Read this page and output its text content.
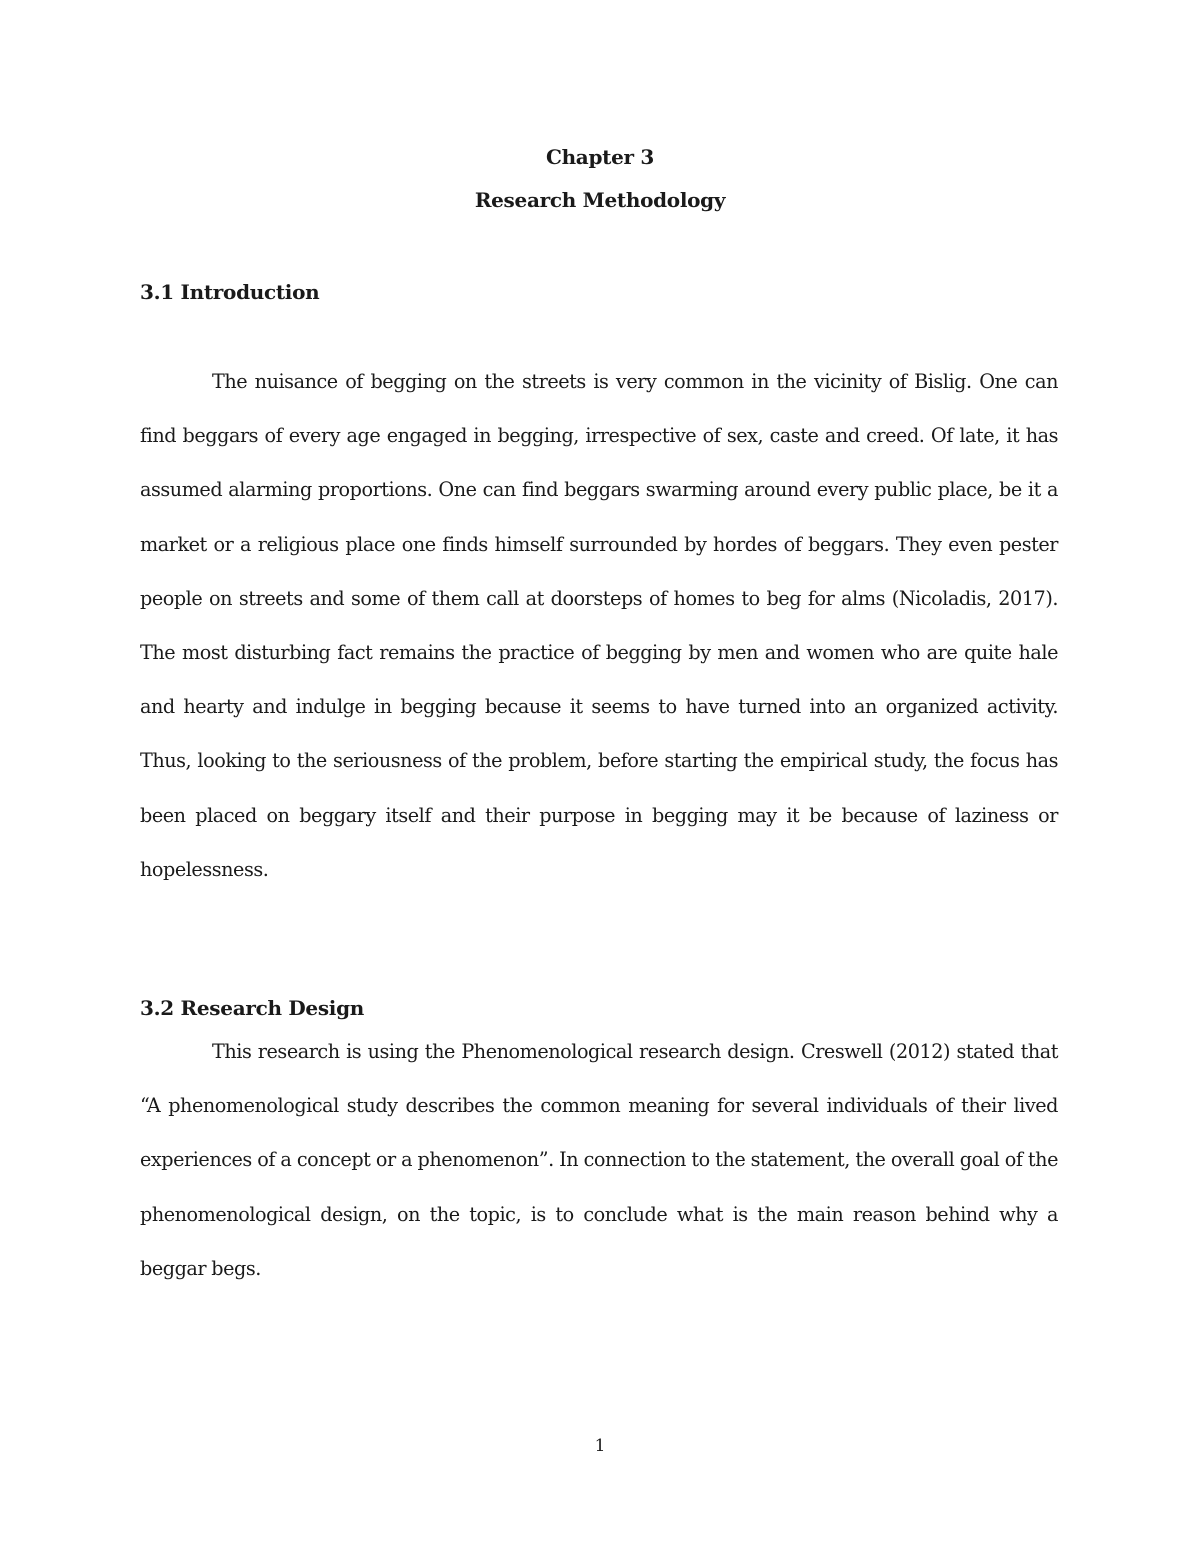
Chapter 3
Research Methodology
3.1 Introduction

The nuisance of begging on the streets is very common in the vicinity of Bislig. One can find beggars of every age engaged in begging, irrespective of sex, caste and creed. Of late, it has assumed alarming proportions. One can find beggars swarming around every public place, be it a market or a religious place one finds himself surrounded by hordes of beggars. They even pester people on streets and some of them call at doorsteps of homes to beg for alms (Nicoladis, 2017). The most disturbing fact remains the practice of begging by men and women who are quite hale and hearty and indulge in begging because it seems to have turned into an organized activity. Thus, looking to the seriousness of the problem, before starting the empirical study, the focus has been placed on beggary itself and their purpose in begging may it be because of laziness or hopelessness.

3.2 Research Design

This research is using the Phenomenological research design. Creswell (2012) stated that “A phenomenological study describes the common meaning for several individuals of their lived experiences of a concept or a phenomenon”. In connection to the statement, the overall goal of the phenomenological design, on the topic, is to conclude what is the main reason behind why a beggar begs.

1
